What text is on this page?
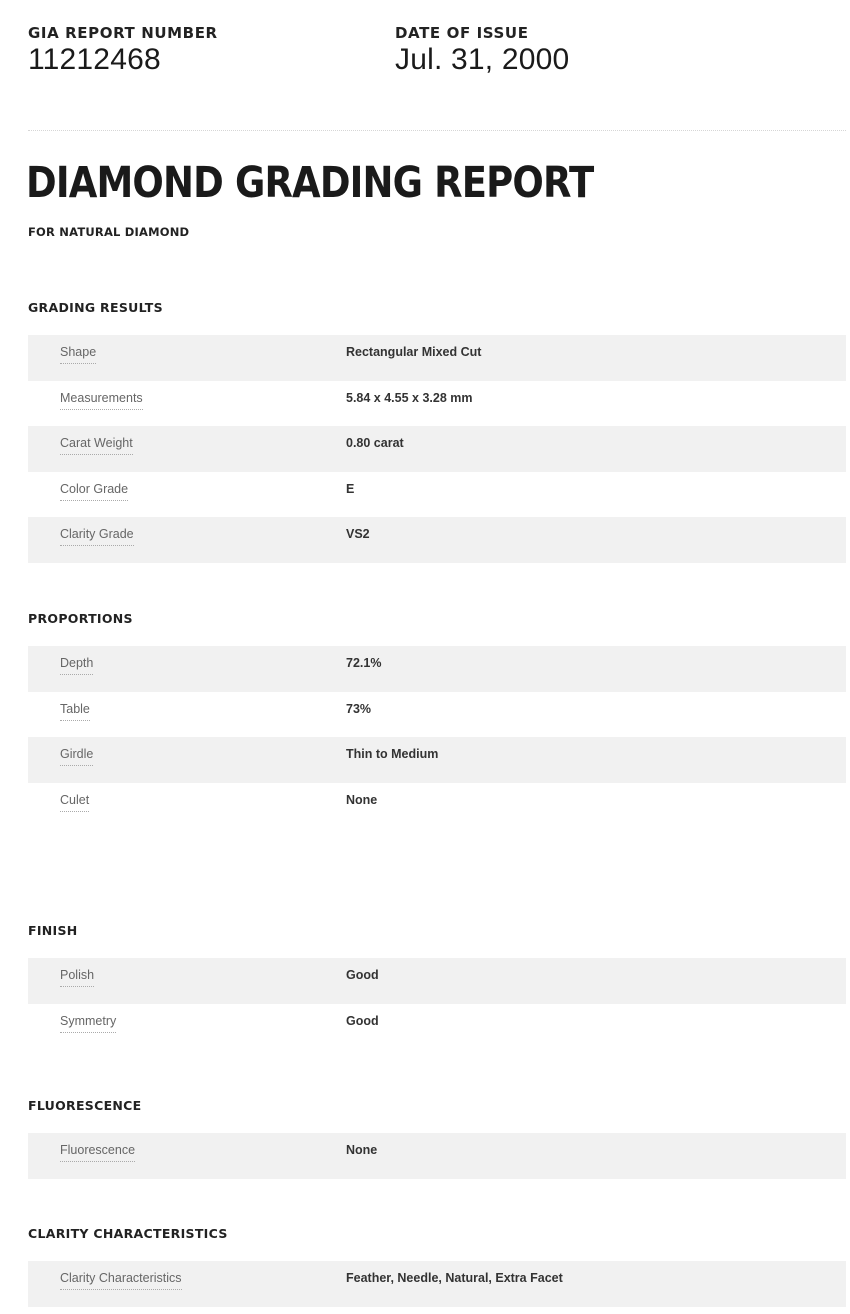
GIA REPORT NUMBER
11212468
DATE OF ISSUE
Jul. 31, 2000
DIAMOND GRADING REPORT
FOR NATURAL DIAMOND
GRADING RESULTS
Shape	Rectangular Mixed Cut
Measurements	5.84 x 4.55 x 3.28 mm
Carat Weight	0.80 carat
Color Grade	E
Clarity Grade	VS2
PROPORTIONS
Depth	72.1%
Table	73%
Girdle	Thin to Medium
Culet	None
FINISH
Polish	Good
Symmetry	Good
FLUORESCENCE
Fluorescence	None
CLARITY CHARACTERISTICS
Clarity Characteristics	Feather, Needle, Natural, Extra Facet
